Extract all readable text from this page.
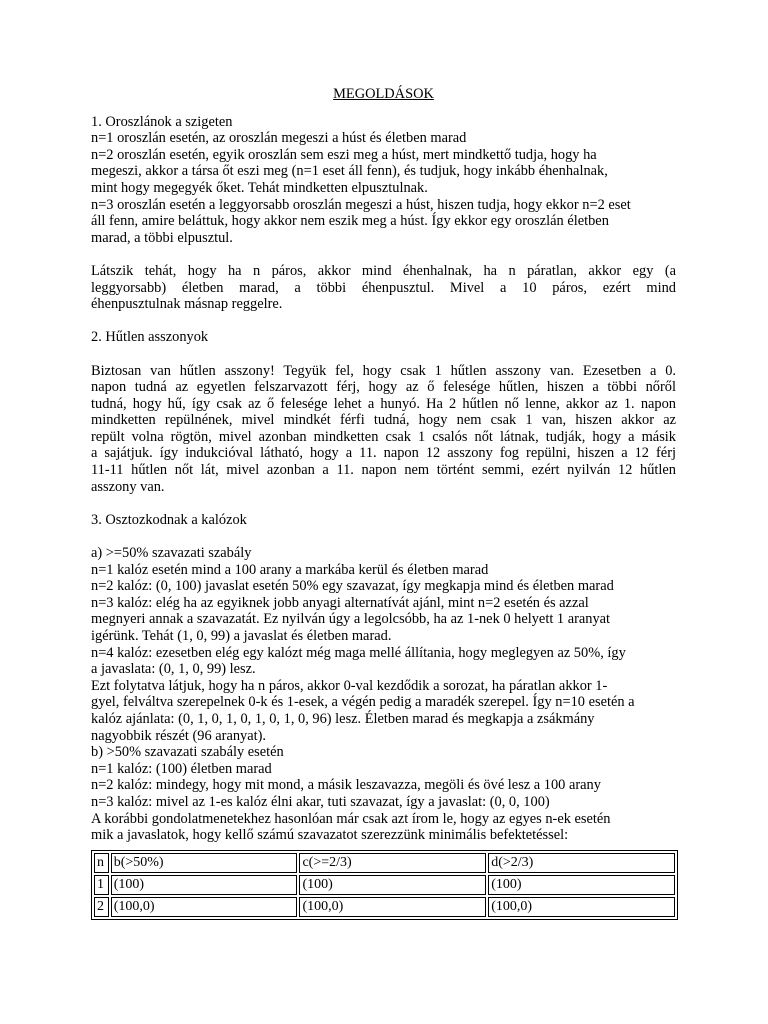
MEGOLDÁSOK

1. Oroszlánok a szigeten

n=1 oroszlán esetén, az oroszlán megeszi a húst és életben marad

n=2 oroszlán esetén, egyik oroszlán sem eszi meg a húst, mert mindkettő tudja, hogy ha

megeszi, akkor a társa őt eszi meg (n=1 eset áll fenn), és tudjuk, hogy inkább éhenhalnak,

mint hogy megegyék őket. Tehát mindketten elpusztulnak.

n=3 oroszlán esetén a leggyorsabb oroszlán megeszi a húst, hiszen tudja, hogy ekkor n=2 eset

áll fenn, amire beláttuk, hogy akkor nem eszik meg a húst. Így ekkor egy oroszlán életben

marad, a többi elpusztul.

Látszik tehát, hogy ha n páros, akkor mind éhenhalnak, ha n páratlan, akkor egy (a

leggyorsabb) életben marad, a többi éhenpusztul. Mivel a 10 páros, ezért mind

éhenpusztulnak másnap reggelre.

2. Hűtlen asszonyok

Biztosan van hűtlen asszony! Tegyük fel, hogy csak 1 hűtlen asszony van. Ezesetben a 0.

napon tudná az egyetlen felszarvazott férj, hogy az ő felesége hűtlen, hiszen a többi nőről

tudná, hogy hű, így csak az ő felesége lehet a hunyó. Ha 2 hűtlen nő lenne, akkor az 1. napon

mindketten repülnének, mivel mindkét férfi tudná, hogy nem csak 1 van, hiszen akkor az

repült volna rögtön, mivel azonban mindketten csak 1 csalós nőt látnak, tudják, hogy a másik

a sajátjuk. így indukcióval látható, hogy a 11. napon 12 asszony fog repülni, hiszen a 12 férj

11-11 hűtlen nőt lát, mivel azonban a 11. napon nem történt semmi, ezért nyilván 12 hűtlen

asszony van.

3. Osztozkodnak a kalózok

a) >=50% szavazati szabály

n=1 kalóz esetén mind a 100 arany a markába kerül és életben marad

n=2 kalóz: (0, 100) javaslat esetén 50% egy szavazat, így megkapja mind és életben marad

n=3 kalóz: elég ha az egyiknek jobb anyagi alternatívát ajánl, mint n=2 esetén és azzal

megnyeri annak a szavazatát. Ez nyilván úgy a legolcsóbb, ha az 1-nek 0 helyett 1 aranyat

igérünk. Tehát (1, 0, 99) a javaslat és életben marad.

n=4 kalóz: ezesetben elég egy kalózt még maga mellé állítania, hogy meglegyen az 50%, így

a javaslata: (0, 1, 0, 99) lesz.

Ezt folytatva látjuk, hogy ha n páros, akkor 0-val kezdődik a sorozat, ha páratlan akkor 1-

gyel, felváltva szerepelnek 0-k és 1-esek, a végén pedig a maradék szerepel. Így n=10 esetén a

kalóz ajánlata: (0, 1, 0, 1, 0, 1, 0, 1, 0, 96) lesz. Életben marad és megkapja a zsákmány

nagyobbik részét (96 aranyat).

b) >50% szavazati szabály esetén

n=1 kalóz: (100) életben marad

n=2 kalóz: mindegy, hogy mit mond, a másik leszavazza, megöli és övé lesz a 100 arany

n=3 kalóz: mivel az 1-es kalóz élni akar, tuti szavazat, így a javaslat: (0, 0, 100)

A korábbi gondolatmenetekhez hasonlóan már csak azt írom le, hogy az egyes n-ek esetén

mik a javaslatok, hogy kellő számú szavazatot szerezzünk minimális befektetéssel:

n	b(>50%)	c(>=2/3)	d(>2/3)
1	(100)	(100)	(100)
2	(100,0)	(100,0)	(100,0)
